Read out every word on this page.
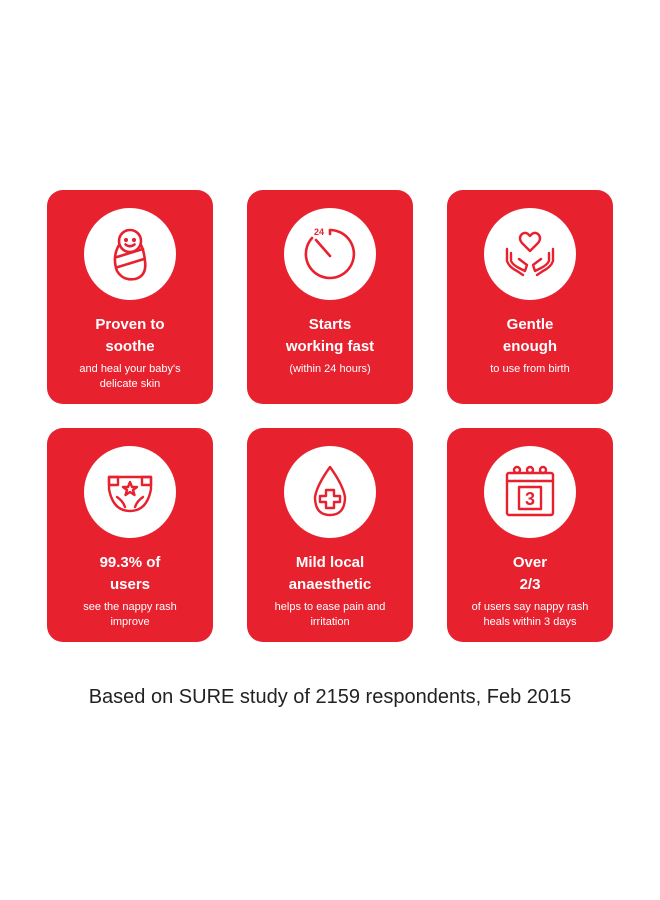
Proven to
soothe
and heal your baby's
delicate skin
24
Starts
working fast
(within 24 hours)
Gentle
enough
to use from birth
99.3% of
users
see the nappy rash
improve
Mild local
anaesthetic
helps to ease pain and
irritation
3
Over
2/3
of users say nappy rash
heals within 3 days
Based on SURE study of 2159 respondents, Feb 2015
